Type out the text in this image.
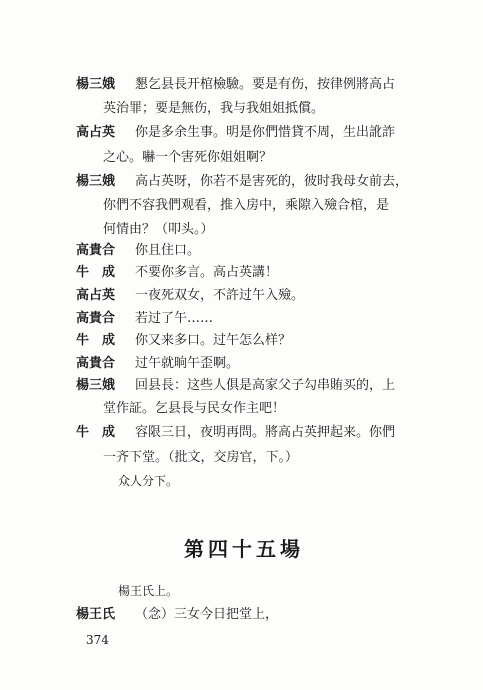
楊三娥 懇乞县長开棺檢驗。要是有伤，按律例將高占
英治罪；要是無伤，我与我姐姐抵償。
高占英 你是多余生事。明是你們惜貸不周，生出訛詐
之心。嚇一个害死你姐姐啊？
楊三娥 高占英呀，你若不是害死的，彼时我母女前去，
你們不容我們观看，推入房中，乘隙入殮合棺，是
何情由？（叩头。）
高貴合 你且住口。
牛　成 不要你多言。高占英講！
高占英 一夜死双女，不許过午入殮。
高貴合 若过了午……
牛　成 你又来多口。过午怎么样？
高貴合 过午就晌午歪啊。
楊三娥 回县長：这些人俱是高家父子勾串賄买的，上
堂作証。乞县長与民女作主吧！
牛　成 容限三日，夜明再問。將高占英押起来。你們
一齐下堂。（批文，交房官，下。）
众人分下。
第四十五場
楊王氏上。
楊王氏 （念）三女今日把堂上，
374
